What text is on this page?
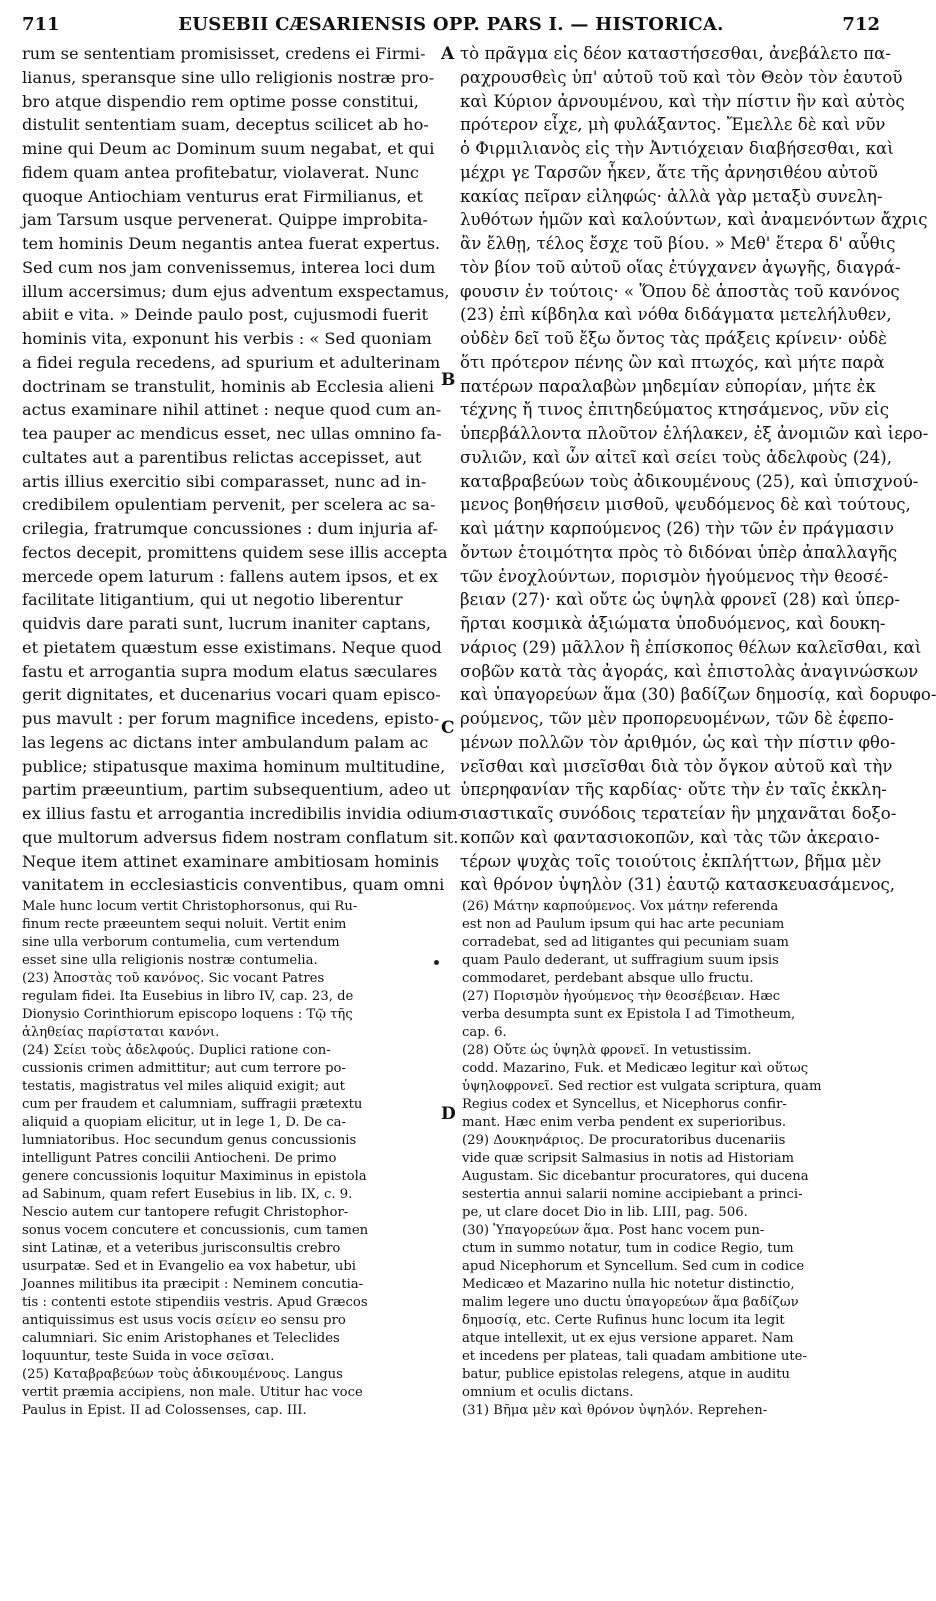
711	EUSEBII CÆSARIENSIS OPP. PARS I. — HISTORICA.	712
rum se sententiam promisisset, credens ei Firmi-
lianus, speransque sine ullo religionis nostræ pro-
bro atque dispendio rem optime posse constitui,
distulit sententiam suam, deceptus scilicet ab ho-
mine qui Deum ac Dominum suum negabat, et qui
fidem quam antea profitebatur, violaverat. Nunc
quoque Antiochiam venturus erat Firmilianus, et
jam Tarsum usque pervenerat. Quippe improbita-
tem hominis Deum negantis antea fuerat expertus.
Sed cum nos jam convenissemus, interea loci dum
illum accersimus; dum ejus adventum exspectamus,
abiit e vita. » Deinde paulo post, cujusmodi fuerit
hominis vita, exponunt his verbis : « Sed quoniam
a fidei regula recedens, ad spurium et adulterinam
doctrinam se transtulit, hominis ab Ecclesia alieni
actus examinare nihil attinet : neque quod cum an-
tea pauper ac mendicus esset, nec ullas omnino fa-
cultates aut a parentibus relictas accepisset, aut
artis illius exercitio sibi comparasset, nunc ad in-
credibilem opulentiam pervenit, per scelera ac sa-
crilegia, fratrumque concussiones : dum injuria af-
fectos decepit, promittens quidem sese illis accepta
mercede opem laturum : fallens autem ipsos, et ex
facilitate litigantium, qui ut negotio liberentur
quidvis dare parati sunt, lucrum inaniter captans,
et pietatem quæstum esse existimans. Neque quod
fastu et arrogantia supra modum elatus sæculares
gerit dignitates, et ducenarius vocari quam episco-
pus mavult : per forum magnifice incedens, episto-
las legens ac dictans inter ambulandum palam ac
publice; stipatusque maxima hominum multitudine,
partim præeuntium, partim subsequentium, adeo ut
ex illius fastu et arrogantia incredibilis invidia odium-
que multorum adversus fidem nostram conflatum sit.
Neque item attinet examinare ambitiosam hominis
vanitatem in ecclesiasticis conventibus, quam omni
τὸ πρᾶγμα εἰς δέον καταστήσεσθαι, ἀνεβάλετο πα-
ραχρουσθεὶς ὑπ' αὐτοῦ τοῦ καὶ τὸν Θεὸν τὸν ἑαυτοῦ
καὶ Κύριον ἀρνουμένου, καὶ τὴν πίστιν ἣν καὶ αὐτὸς
πρότερον εἶχε, μὴ φυλάξαντος. Ἔμελλε δὲ καὶ νῦν
ὁ Φιρμιλιανὸς εἰς τὴν Ἀντιόχειαν διαβήσεσθαι, καὶ
μέχρι γε Ταρσῶν ἧκεν, ἅτε τῆς ἀρνησιθέου αὐτοῦ
κακίας πεῖραν εἰληφώς· ἀλλὰ γὰρ μεταξὺ συνελη-
λυθότων ἡμῶν καὶ καλούντων, καὶ ἀναμενόντων ἄχρις
ἂν ἔλθῃ, τέλος ἔσχε τοῦ βίου. » Μεθ' ἕτερα δ' αὖθις
τὸν βίον τοῦ αὐτοῦ οἵας ἐτύγχανεν ἀγωγῆς, διαγρά-
φουσιν ἐν τούτοις· « Ὅπου δὲ ἀποστὰς τοῦ κανόνος
(23) ἐπὶ κίβδηλα καὶ νόθα διδάγματα μετελήλυθεν,
οὐδὲν δεῖ τοῦ ἔξω ὄντος τὰς πράξεις κρίνειν· οὐδὲ
ὅτι πρότερον πένης ὢν καὶ πτωχός, καὶ μήτε παρὰ
πατέρων παραλαβὼν μηδεμίαν εὐπορίαν, μήτε ἐκ
τέχνης ἤ τινος ἐπιτηδεύματος κτησάμενος, νῦν εἰς
ὑπερβάλλοντα πλοῦτον ἐλήλακεν, ἐξ ἀνομιῶν καὶ ἱερο-
συλιῶν, καὶ ὧν αἰτεῖ καὶ σείει τοὺς ἀδελφοὺς (24),
καταβραβεύων τοὺς ἀδικουμένους (25), καὶ ὑπισχνού-
μενος βοηθήσειν μισθοῦ, ψευδόμενος δὲ καὶ τούτους,
καὶ μάτην καρπούμενος (26) τὴν τῶν ἐν πράγμασιν
ὄντων ἑτοιμότητα πρὸς τὸ διδόναι ὑπὲρ ἀπαλλαγῆς
τῶν ἐνοχλούντων, πορισμὸν ἡγούμενος τὴν θεοσέ-
βειαν (27)· καὶ οὔτε ὡς ὑψηλὰ φρονεῖ (28) καὶ ὑπερ-
ῆρται κοσμικὰ ἀξιώματα ὑποδυόμενος, καὶ δουκη-
νάριος (29) μᾶλλον ἢ ἐπίσκοπος θέλων καλεῖσθαι, καὶ
σοβῶν κατὰ τὰς ἀγοράς, καὶ ἐπιστολὰς ἀναγινώσκων
καὶ ὑπαγορεύων ἅμα (30) βαδίζων δημοσίᾳ, καὶ δορυφο-
ρούμενος, τῶν μὲν προπορευομένων, τῶν δὲ ἐφεπο-
μένων πολλῶν τὸν ἀριθμόν, ὡς καὶ τὴν πίστιν φθο-
νεῖσθαι καὶ μισεῖσθαι διὰ τὸν ὄγκον αὐτοῦ καὶ τὴν
ὑπερηφανίαν τῆς καρδίας· οὔτε τὴν ἐν ταῖς ἐκκλη-
σιαστικαῖς συνόδοις τερατείαν ἣν μηχανᾶται δοξο-
κοπῶν καὶ φαντασιοκοπῶν, καὶ τὰς τῶν ἀκεραιο-
τέρων ψυχὰς τοῖς τοιούτοις ἐκπλήττων, βῆμα μὲν
καὶ θρόνον ὑψηλὸν (31) ἑαυτῷ κατασκευασάμενος,
A
B
C
D
Male hunc locum vertit Christophorsonus, qui Ru-
finum recte præeuntem sequi noluit. Vertit enim
sine ulla verborum contumelia, cum vertendum
esset sine ulla religionis nostræ contumelia.
(23) Ἀποστὰς τοῦ κανόνος. Sic vocant Patres
regulam fidei. Ita Eusebius in libro IV, cap. 23, de
Dionysio Corinthiorum episcopo loquens : Τῷ τῆς
ἀληθείας παρίσταται κανόνι.
(24) Σείει τοὺς ἀδελφούς. Duplici ratione con-
cussionis crimen admittitur; aut cum terrore po-
testatis, magistratus vel miles aliquid exigit; aut
cum per fraudem et calumniam, suffragii prætextu
aliquid a quopiam elicitur, ut in lege 1, D. De ca-
lumniatoribus. Hoc secundum genus concussionis
intelligunt Patres concilii Antiocheni. De primo
genere concussionis loquitur Maximinus in epistola
ad Sabinum, quam refert Eusebius in lib. IX, c. 9.
Nescio autem cur tantopere refugit Christophor-
sonus vocem concutere et concussionis, cum tamen
sint Latinæ, et a veteribus jurisconsultis crebro
usurpatæ. Sed et in Evangelio ea vox habetur, ubi
Joannes militibus ita præcipit : Neminem concutia-
tis : contenti estote stipendiis vestris. Apud Græcos
antiquissimus est usus vocis σείειν eo sensu pro
calumniari. Sic enim Aristophanes et Teleclides
loquuntur, teste Suida in voce σεῖσαι.
(25) Καταβραβεύων τοὺς ἀδικουμένους. Langus
vertit præmia accipiens, non male. Utitur hac voce
Paulus in Epist. II ad Colossenses, cap. III.
(26) Μάτην καρπούμενος. Vox μάτην referenda
est non ad Paulum ipsum qui hac arte pecuniam
corradebat, sed ad litigantes qui pecuniam suam
quam Paulo dederant, ut suffragium suum ipsis
commodaret, perdebant absque ullo fructu.
(27) Πορισμὸν ἡγούμενος τὴν θεοσέβειαν. Hæc
verba desumpta sunt ex Epistola I ad Timotheum,
cap. 6.
(28) Οὔτε ὡς ὑψηλὰ φρονεῖ. In vetustissim.
codd. Mazarino, Fuk. et Medicæo legitur καὶ οὕτως
ὑψηλοφρονεῖ. Sed rectior est vulgata scriptura, quam
Regius codex et Syncellus, et Nicephorus confir-
mant. Hæc enim verba pendent ex superioribus.
(29) Δουκηνάριος. De procuratoribus ducenariis
vide quæ scripsit Salmasius in notis ad Historiam
Augustam. Sic dicebantur procuratores, qui ducena
sestertia annui salarii nomine accipiebant a princi-
pe, ut clare docet Dio in lib. LIII, pag. 506.
(30) Ὑπαγορεύων ἅμα. Post hanc vocem pun-
ctum in summo notatur, tum in codice Regio, tum
apud Nicephorum et Syncellum. Sed cum in codice
Medicæo et Mazarino nulla hic notetur distinctio,
malim legere uno ductu ὑπαγορεύων ἅμα βαδίζων
δημοσίᾳ, etc. Certe Rufinus hunc locum ita legit
atque intellexit, ut ex ejus versione apparet. Nam
et incedens per plateas, tali quadam ambitione ute-
batur, publice epistolas relegens, atque in auditu
omnium et oculis dictans.
(31) Βῆμα μὲν καὶ θρόνον ὑψηλόν. Reprehen-
